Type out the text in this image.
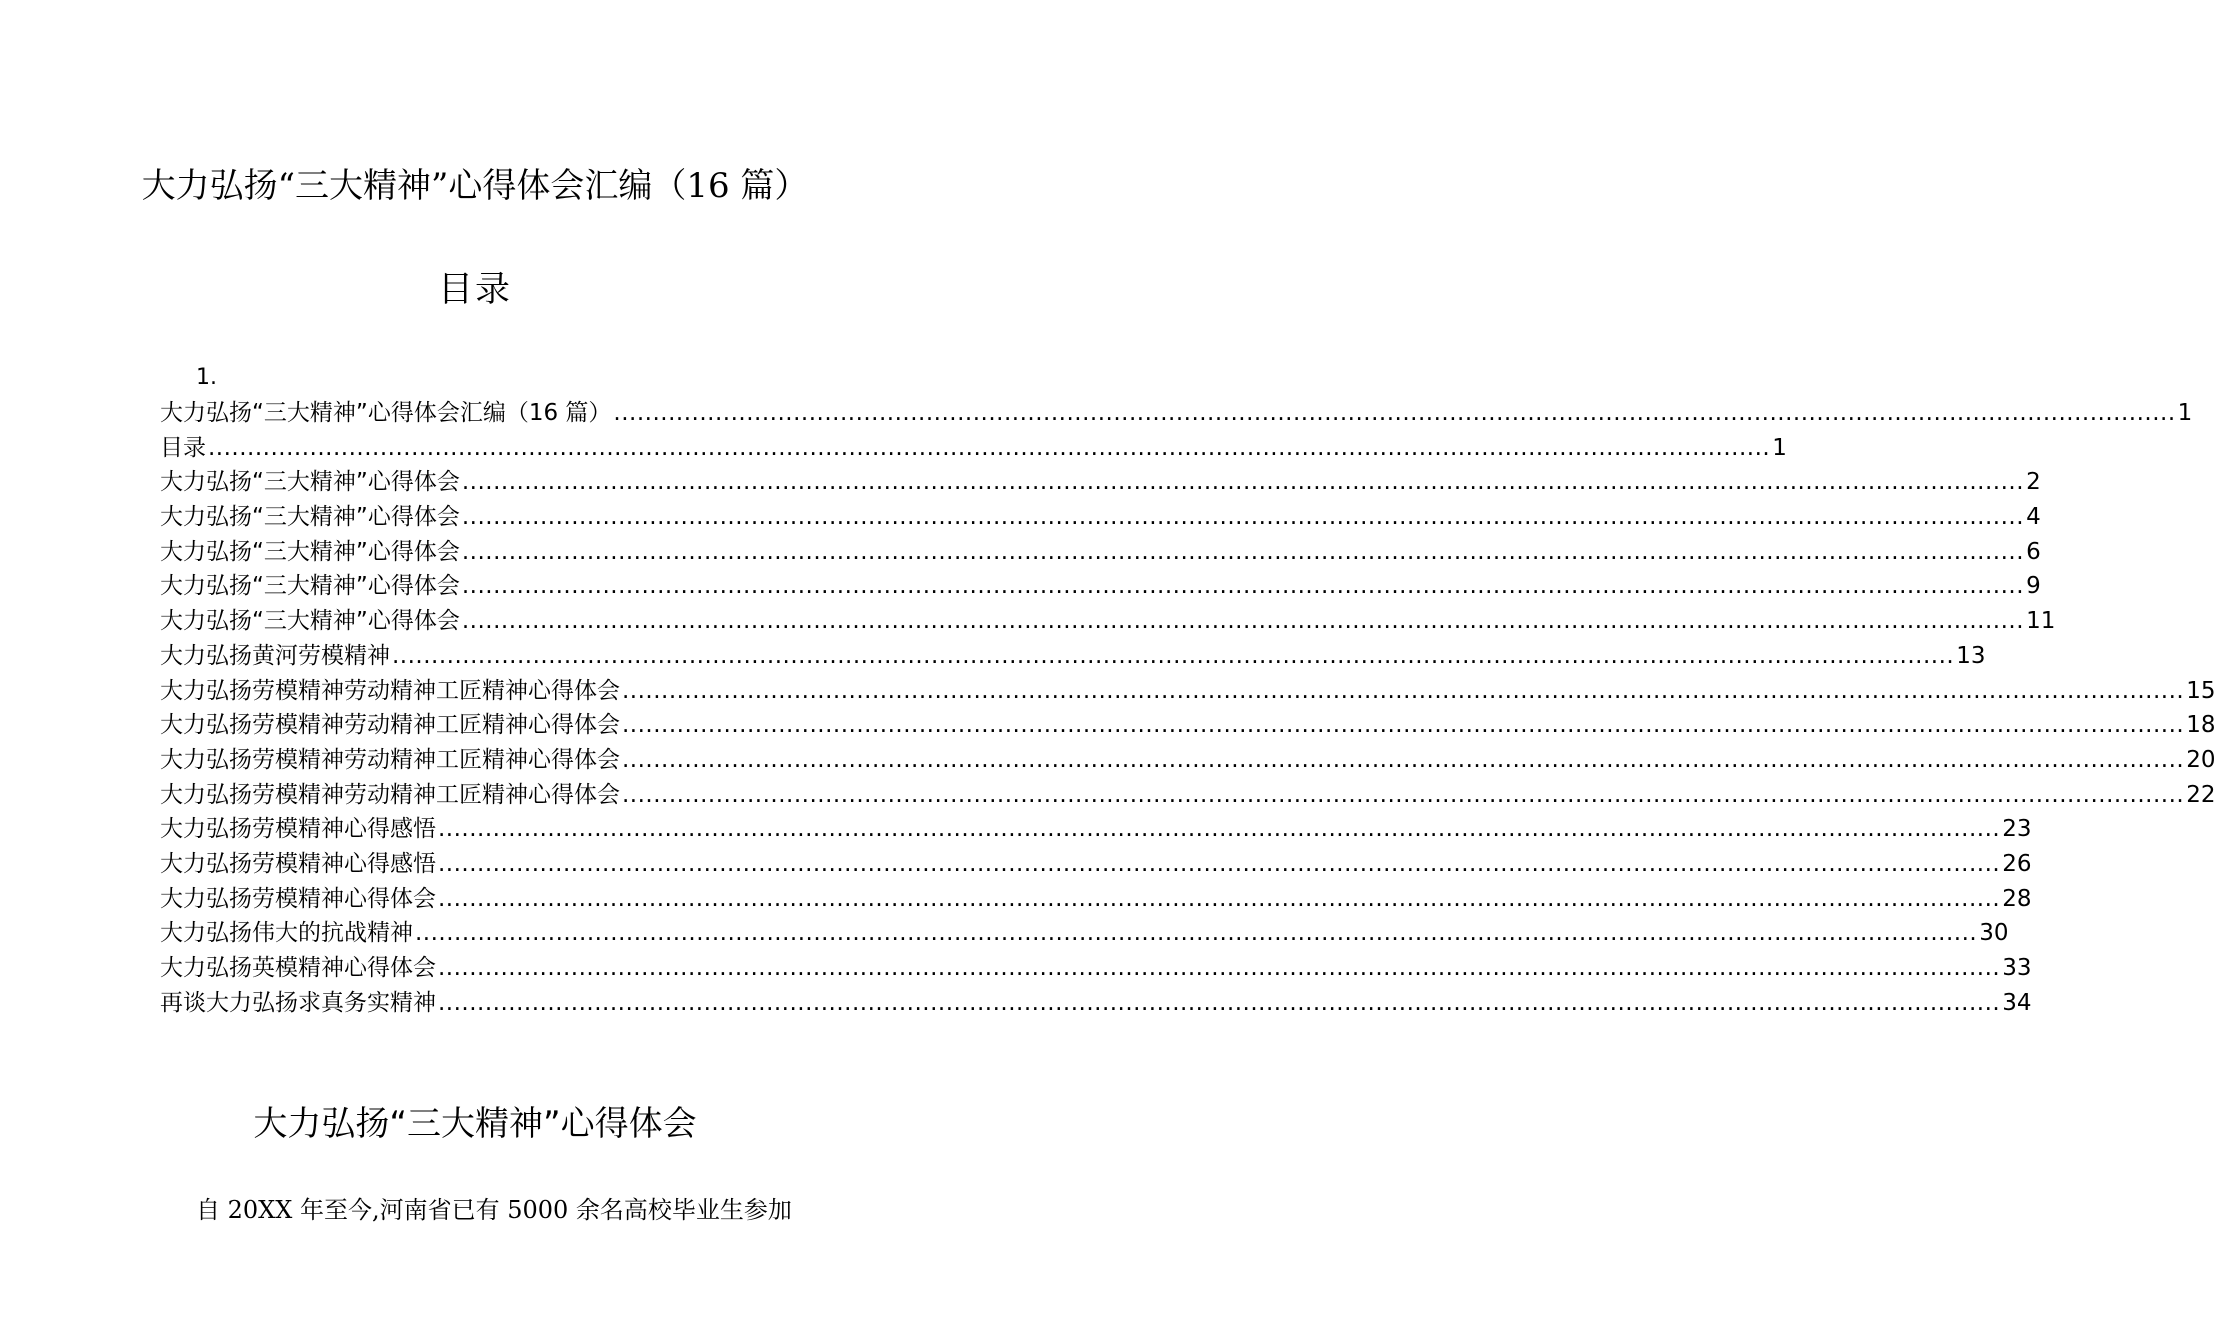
大力弘扬“三大精神”心得体会汇编（16 篇）
目录
1.
大力弘扬“三大精神”心得体会汇编（16 篇） ........................................................................................................................................................................................................ 1
目录 ........................................................................................................................................................................................................ 1
大力弘扬“三大精神”心得体会 ........................................................................................................................................................................................................ 2
大力弘扬“三大精神”心得体会 ........................................................................................................................................................................................................ 4
大力弘扬“三大精神”心得体会 ........................................................................................................................................................................................................ 6
大力弘扬“三大精神”心得体会 ........................................................................................................................................................................................................ 9
大力弘扬“三大精神”心得体会 ........................................................................................................................................................................................................ 11
大力弘扬黄河劳模精神 ........................................................................................................................................................................................................ 13
大力弘扬劳模精神劳动精神工匠精神心得体会 ........................................................................................................................................................................................................ 15
大力弘扬劳模精神劳动精神工匠精神心得体会 ........................................................................................................................................................................................................ 18
大力弘扬劳模精神劳动精神工匠精神心得体会 ........................................................................................................................................................................................................ 20
大力弘扬劳模精神劳动精神工匠精神心得体会 ........................................................................................................................................................................................................ 22
大力弘扬劳模精神心得感悟 ........................................................................................................................................................................................................ 23
大力弘扬劳模精神心得感悟 ........................................................................................................................................................................................................ 26
大力弘扬劳模精神心得体会 ........................................................................................................................................................................................................ 28
大力弘扬伟大的抗战精神 ........................................................................................................................................................................................................ 30
大力弘扬英模精神心得体会 ........................................................................................................................................................................................................ 33
再谈大力弘扬求真务实精神 ........................................................................................................................................................................................................ 34
大力弘扬“三大精神”心得体会
自 20XX 年至今,河南省已有 5000 余名高校毕业生参加
